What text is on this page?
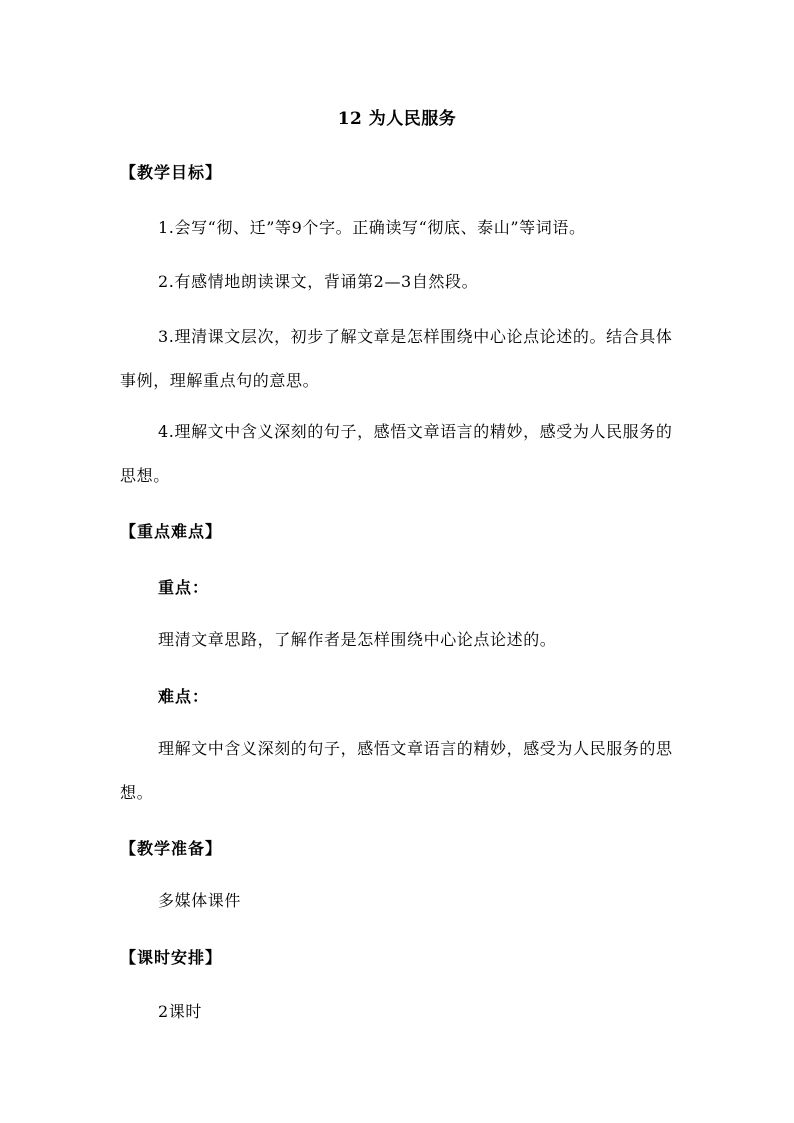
12 为人民服务
【教学目标】
1.会写“彻、迁”等9个字。正确读写“彻底、泰山”等词语。
2.有感情地朗读课文，背诵第2—3自然段。
3.理清课文层次，初步了解文章是怎样围绕中心论点论述的。结合具体事例，理解重点句的意思。
4.理解文中含义深刻的句子，感悟文章语言的精妙，感受为人民服务的思想。
【重点难点】
重点：
理清文章思路，了解作者是怎样围绕中心论点论述的。
难点：
理解文中含义深刻的句子，感悟文章语言的精妙，感受为人民服务的思想。
【教学准备】
多媒体课件
【课时安排】
2课时
